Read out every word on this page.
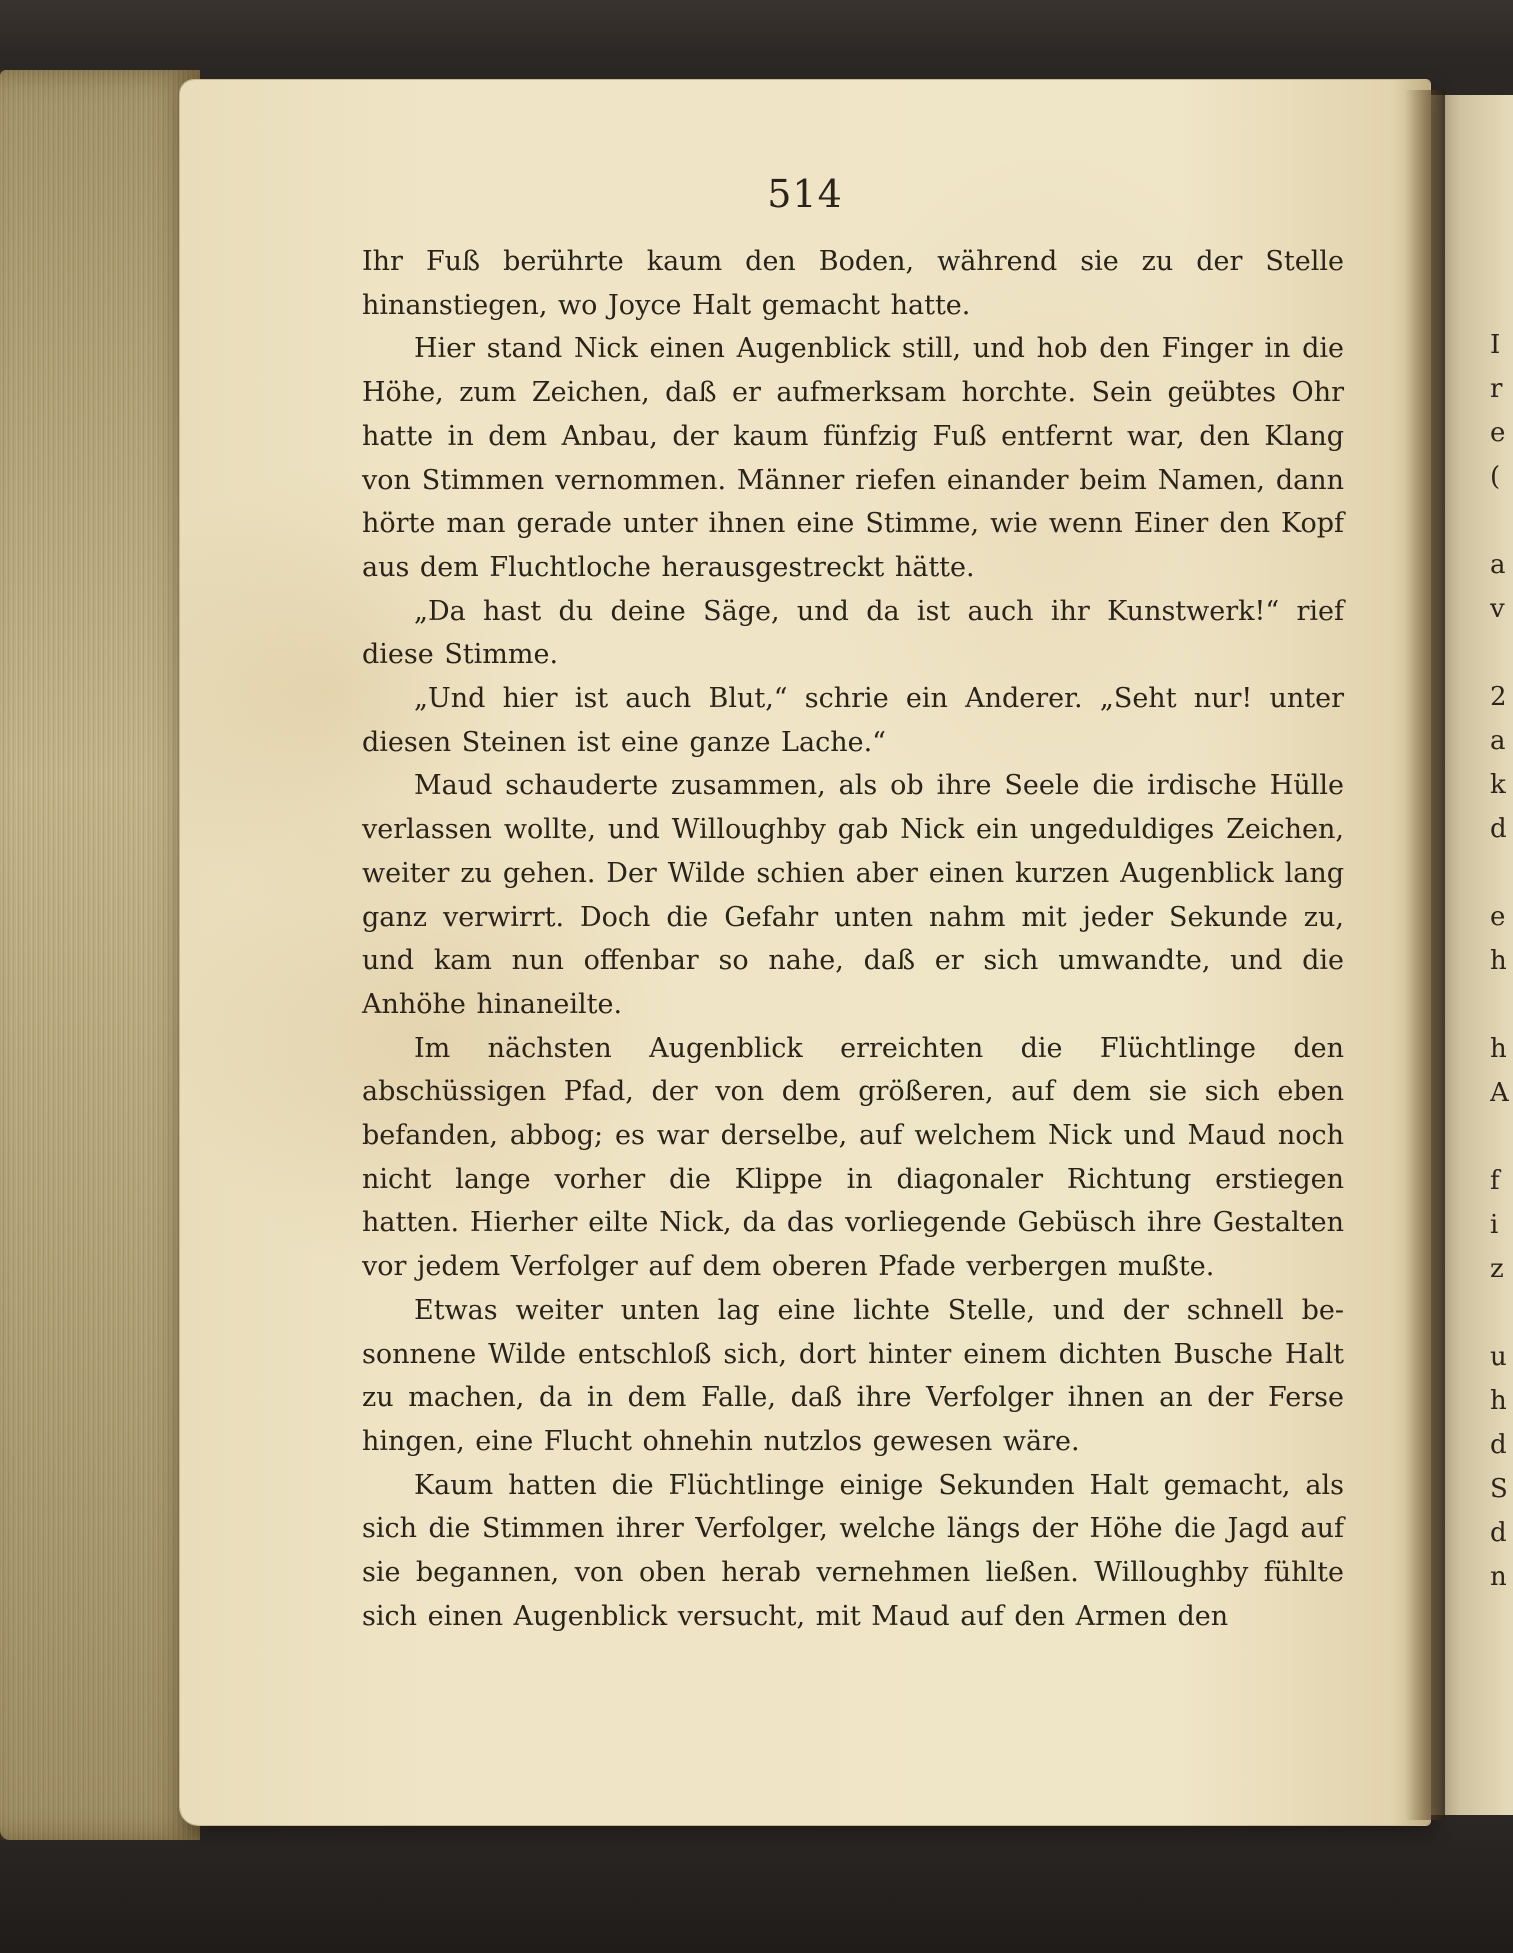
I
r
e
(

a
v

2
a
k
d

e
h

h
A

f
i
z

u
h
d
S
d
n
514

Ihr Fuß berührte kaum den Boden, während sie zu der Stelle hinanstiegen, wo Joyce Halt gemacht hatte.

Hier stand Nick einen Augenblick still, und hob den Finger in die Höhe, zum Zeichen, daß er aufmerksam horchte. Sein geübtes Ohr hatte in dem Anbau, der kaum fünfzig Fuß entfernt war, den Klang von Stimmen vernommen. Männer riefen einander beim Namen, dann hörte man gerade unter ihnen eine Stimme, wie wenn Einer den Kopf aus dem Fluchtloche herausgestreckt hätte.

„Da hast du deine Säge, und da ist auch ihr Kunstwerk!“ rief diese Stimme.

„Und hier ist auch Blut,“ schrie ein Anderer. „Seht nur! unter diesen Steinen ist eine ganze Lache.“

Maud schauderte zusammen, als ob ihre Seele die irdische Hülle verlassen wollte, und Willoughby gab Nick ein ungeduldiges Zeichen, weiter zu gehen. Der Wilde schien aber einen kurzen Augenblick lang ganz verwirrt. Doch die Gefahr unten nahm mit jeder Sekunde zu, und kam nun offenbar so nahe, daß er sich umwandte, und die Anhöhe hinaneilte.

Im nächsten Augenblick erreichten die Flüchtlinge den abschüssigen Pfad, der von dem größeren, auf dem sie sich eben befanden, abbog; es war derselbe, auf welchem Nick und Maud noch nicht lange vorher die Klippe in diagonaler Richtung erstiegen hatten. Hierher eilte Nick, da das vorliegende Gebüsch ihre Gestalten vor jedem Verfolger auf dem oberen Pfade verbergen mußte.

Etwas weiter unten lag eine lichte Stelle, und der schnell besonnene Wilde entschloß sich, dort hinter einem dichten Busche Halt zu machen, da in dem Falle, daß ihre Verfolger ihnen an der Ferse hingen, eine Flucht ohnehin nutzlos gewesen wäre.

Kaum hatten die Flüchtlinge einige Sekunden Halt gemacht, als sich die Stimmen ihrer Verfolger, welche längs der Höhe die Jagd auf sie begannen, von oben herab vernehmen ließen. Willoughby fühlte sich einen Augenblick versucht, mit Maud auf den Armen den
